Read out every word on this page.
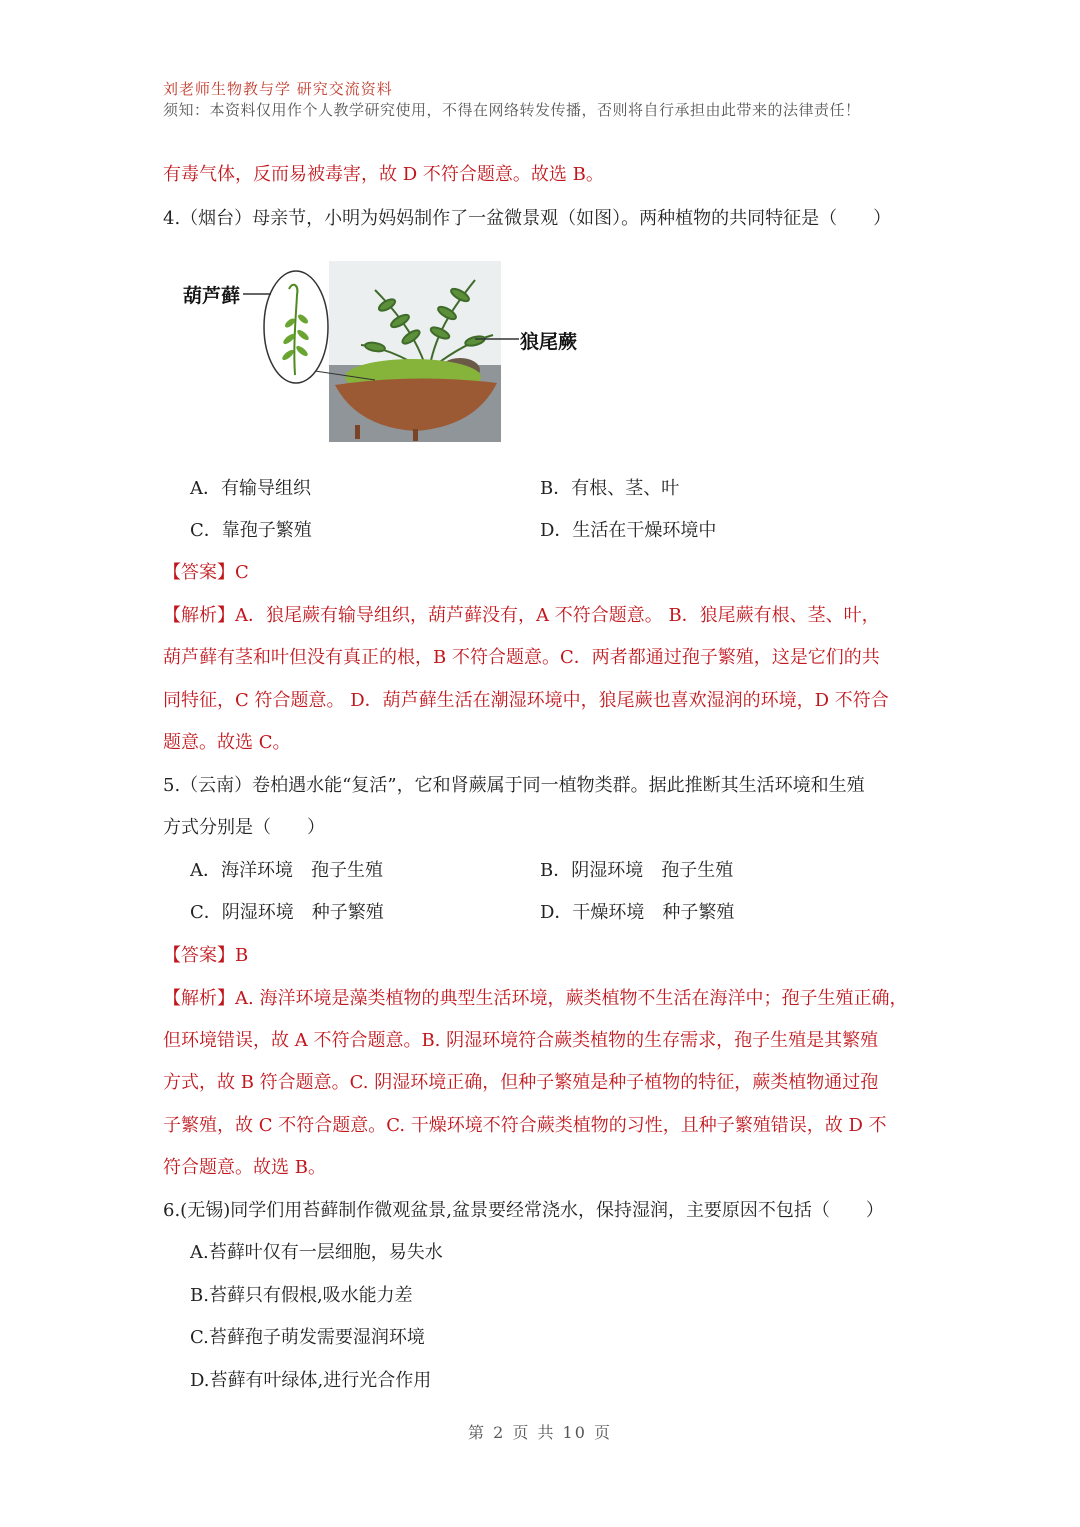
刘老师生物教与学 研究交流资料
须知：本资料仅用作个人教学研究使用，不得在网络转发传播，否则将自行承担由此带来的法律责任！
有毒气体，反而易被毒害，故 D 不符合题意。故选 B。
4.（烟台）母亲节，小明为妈妈制作了一盆微景观（如图）。两种植物的共同特征是（　　）
葫芦藓
狼尾蕨
A．有输导组织	B．有根、茎、叶
C．靠孢子繁殖	D．生活在干燥环境中
【答案】C
【解析】A．狼尾蕨有输导组织，葫芦藓没有，A 不符合题意。 B．狼尾蕨有根、茎、叶，
葫芦藓有茎和叶但没有真正的根，B 不符合题意。C．两者都通过孢子繁殖，这是它们的共
同特征，C 符合题意。 D．葫芦藓生活在潮湿环境中，狼尾蕨也喜欢湿润的环境，D 不符合
题意。故选 C。
5.（云南）卷柏遇水能“复活”，它和肾蕨属于同一植物类群。据此推断其生活环境和生殖
方式分别是（　　）
A．海洋环境　孢子生殖	B．阴湿环境　孢子生殖
C．阴湿环境　种子繁殖	D．干燥环境　种子繁殖
【答案】B
【解析】A. 海洋环境是藻类植物的典型生活环境，蕨类植物不生活在海洋中；孢子生殖正确，
但环境错误，故 A 不符合题意。B. 阴湿环境符合蕨类植物的生存需求，孢子生殖是其繁殖
方式，故 B 符合题意。C. 阴湿环境正确，但种子繁殖是种子植物的特征，蕨类植物通过孢
子繁殖，故 C 不符合题意。C. 干燥环境不符合蕨类植物的习性，且种子繁殖错误，故 D 不
符合题意。故选 B。
6.(无锡)同学们用苔藓制作微观盆景,盆景要经常浇水，保持湿润，主要原因不包括（　　）
A.苔藓叶仅有一层细胞，易失水
B.苔藓只有假根,吸水能力差
C.苔藓孢子萌发需要湿润环境
D.苔藓有叶绿体,进行光合作用
第 2 页 共 10 页
